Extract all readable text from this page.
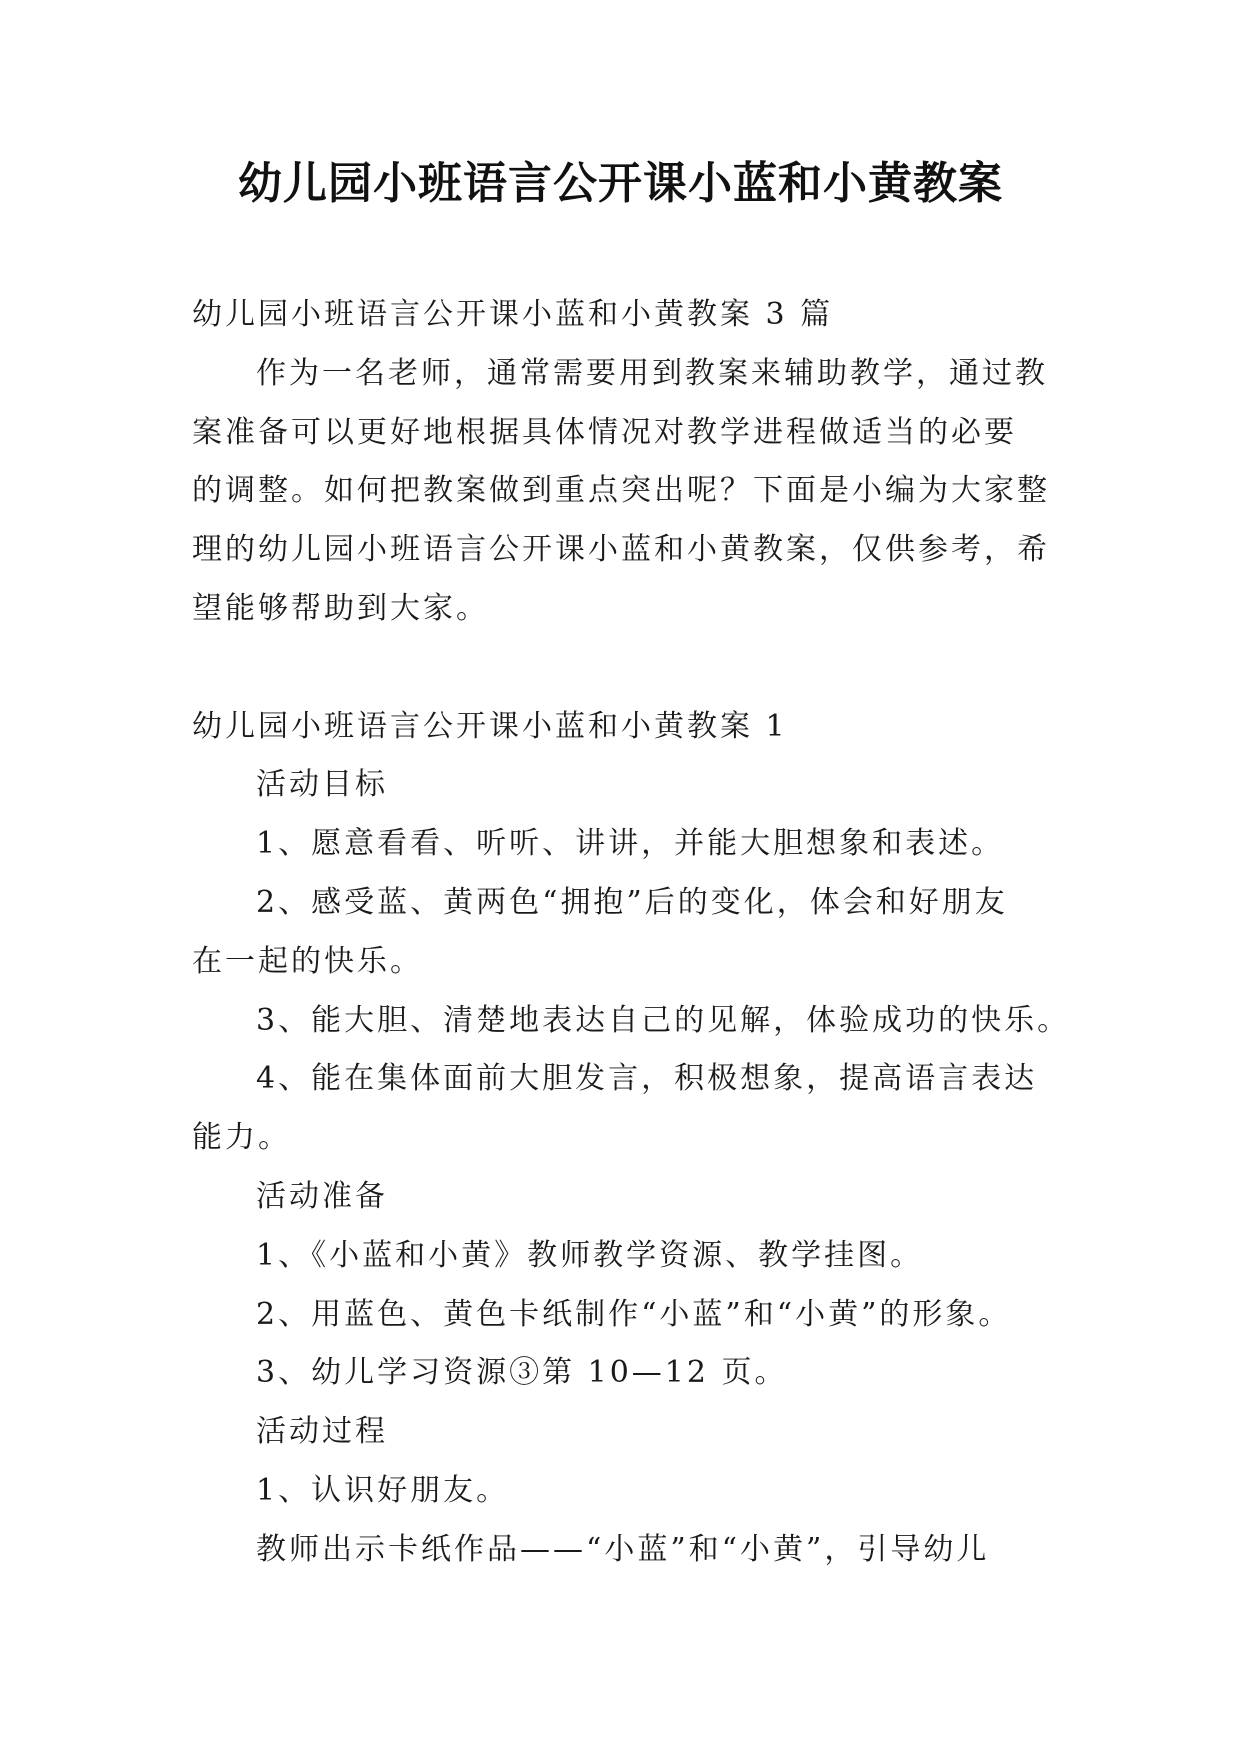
幼儿园小班语言公开课小蓝和小黄教案
幼儿园小班语言公开课小蓝和小黄教案 3 篇
作为一名老师，通常需要用到教案来辅助教学，通过教
案准备可以更好地根据具体情况对教学进程做适当的必要
的调整。如何把教案做到重点突出呢？下面是小编为大家整
理的幼儿园小班语言公开课小蓝和小黄教案，仅供参考，希
望能够帮助到大家。
幼儿园小班语言公开课小蓝和小黄教案 1
活动目标
1、愿意看看、听听、讲讲，并能大胆想象和表述。
2、感受蓝、黄两色“拥抱”后的变化，体会和好朋友
在一起的快乐。
3、能大胆、清楚地表达自己的见解，体验成功的快乐。
4、能在集体面前大胆发言，积极想象，提高语言表达
能力。
活动准备
1、《小蓝和小黄》教师教学资源、教学挂图。
2、用蓝色、黄色卡纸制作“小蓝”和“小黄”的形象。
3、幼儿学习资源③第 10—12 页。
活动过程
1、认识好朋友。
教师出示卡纸作品——“小蓝”和“小黄”，引导幼儿
